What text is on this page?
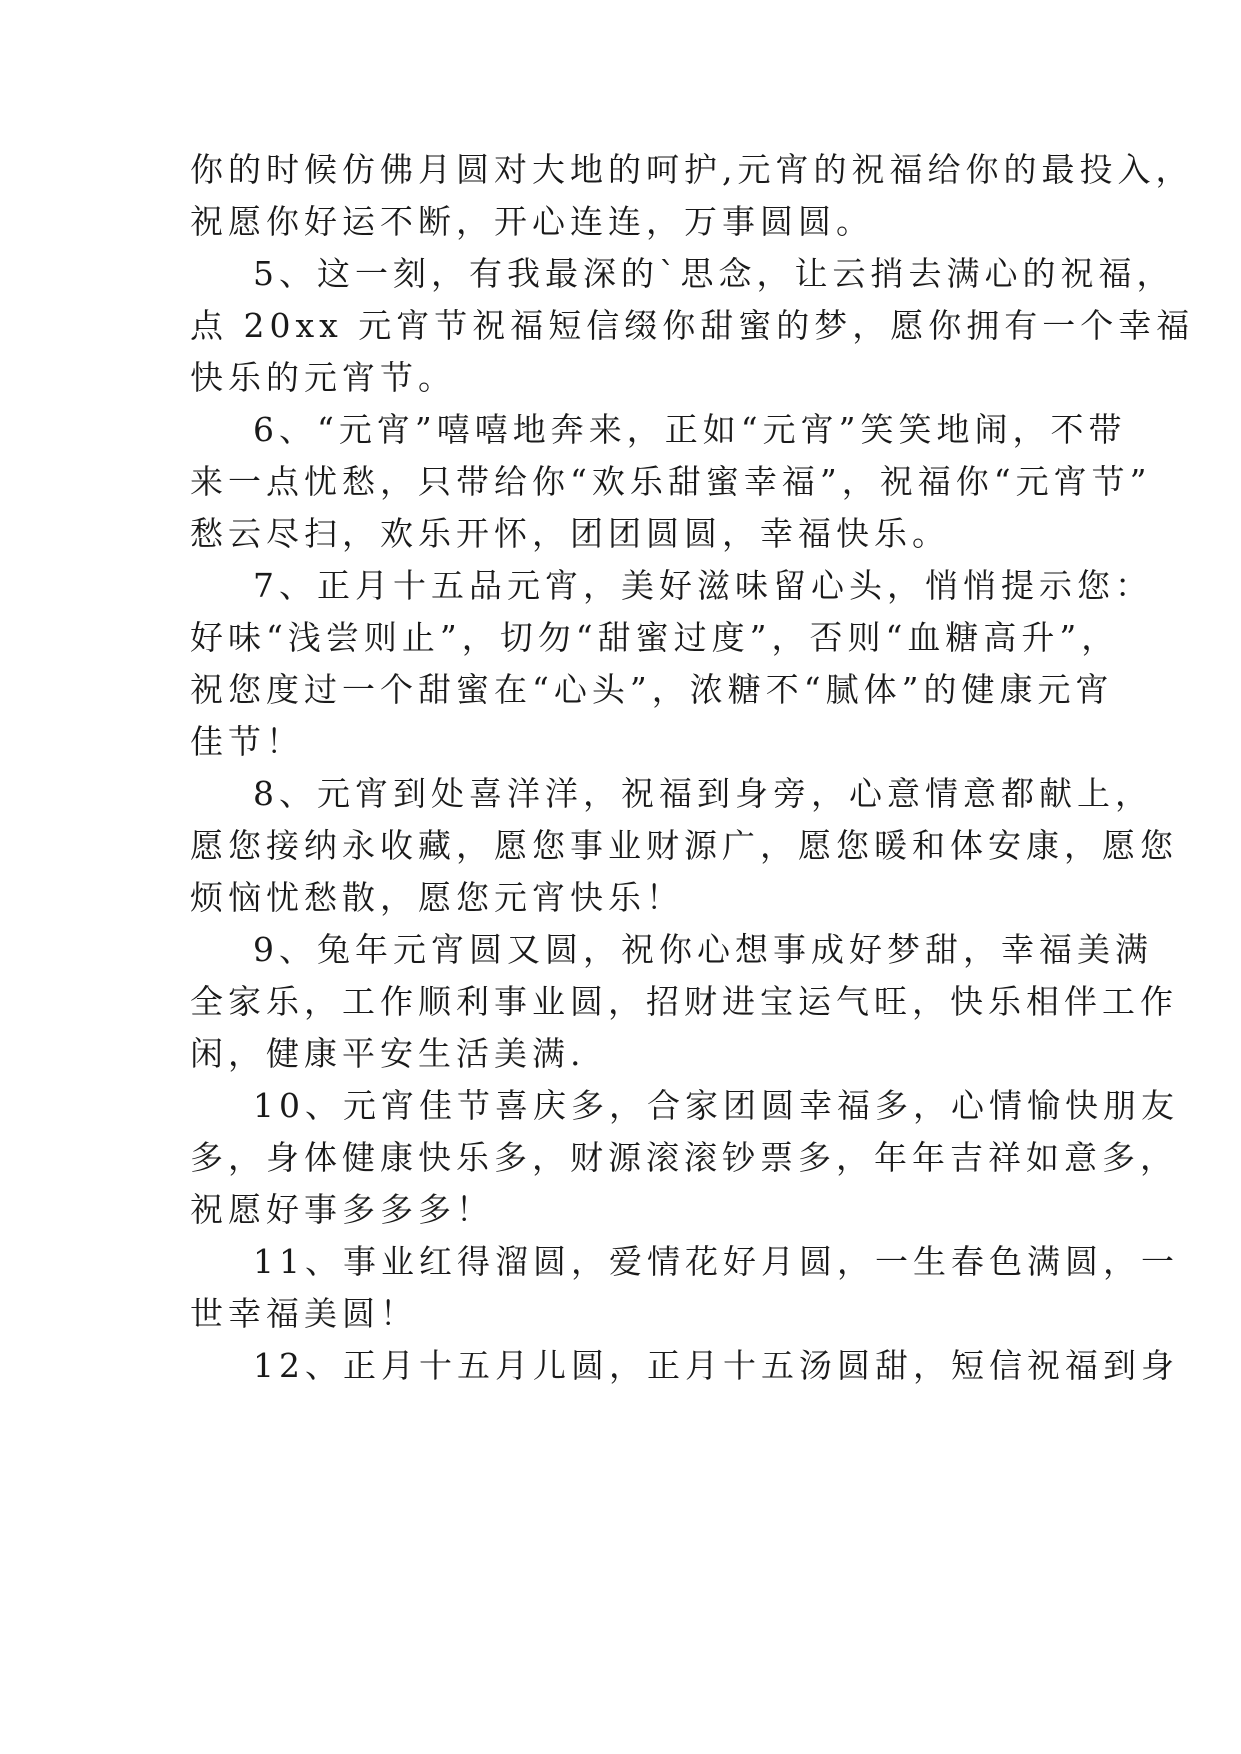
你的时候仿佛月圆对大地的呵护,元宵的祝福给你的最投入，
祝愿你好运不断，开心连连，万事圆圆。
5、这一刻，有我最深的`思念，让云捎去满心的祝福，
点 20xx 元宵节祝福短信缀你甜蜜的梦，愿你拥有一个幸福
快乐的元宵节。
6、“元宵”嘻嘻地奔来，正如“元宵”笑笑地闹，不带
来一点忧愁，只带给你“欢乐甜蜜幸福”，祝福你“元宵节”
愁云尽扫，欢乐开怀，团团圆圆，幸福快乐。
7、正月十五品元宵，美好滋味留心头，悄悄提示您：
好味“浅尝则止”，切勿“甜蜜过度”，否则“血糖高升”，
祝您度过一个甜蜜在“心头”，浓糖不“腻体”的健康元宵
佳节！
8、元宵到处喜洋洋，祝福到身旁，心意情意都献上，
愿您接纳永收藏，愿您事业财源广，愿您暖和体安康，愿您
烦恼忧愁散，愿您元宵快乐！
9、兔年元宵圆又圆，祝你心想事成好梦甜，幸福美满
全家乐，工作顺利事业圆，招财进宝运气旺，快乐相伴工作
闲，健康平安生活美满.
10、元宵佳节喜庆多，合家团圆幸福多，心情愉快朋友
多，身体健康快乐多，财源滚滚钞票多，年年吉祥如意多，
祝愿好事多多多！
11、事业红得溜圆，爱情花好月圆，一生春色满圆，一
世幸福美圆！
12、正月十五月儿圆，正月十五汤圆甜，短信祝福到身
